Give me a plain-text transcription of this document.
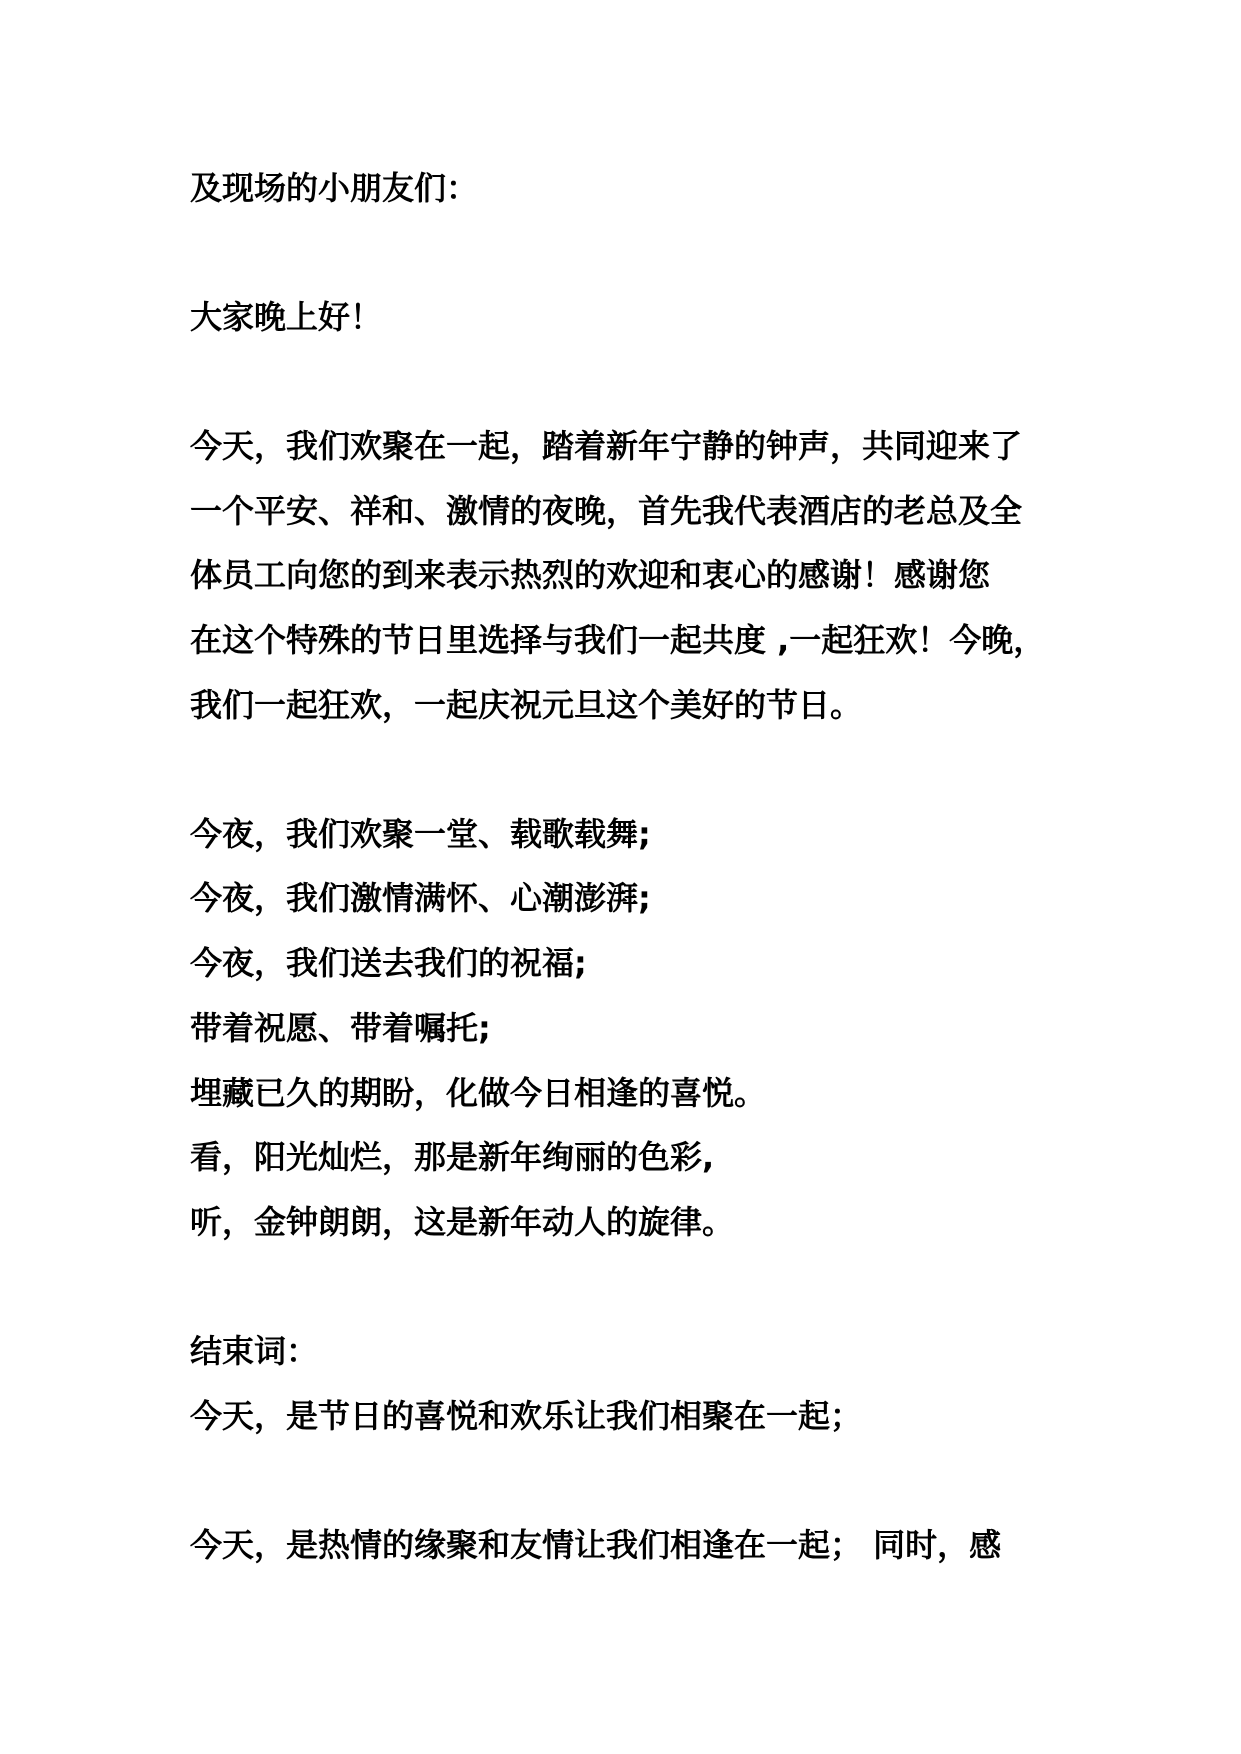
及现场的小朋友们：

大家晚上好！

今天，我们欢聚在一起，踏着新年宁静的钟声，共同迎来了

一个平安、祥和、激情的夜晚，首先我代表酒店的老总及全

体员工向您的到来表示热烈的欢迎和衷心的感谢！感谢您

在这个特殊的节日里选择与我们一起共度 ,一起狂欢！今晚，

我们一起狂欢，一起庆祝元旦这个美好的节日。

今夜，我们欢聚一堂、载歌载舞;

今夜，我们激情满怀、心潮澎湃;

今夜，我们送去我们的祝福;

带着祝愿、带着嘱托;

埋藏已久的期盼，化做今日相逢的喜悦。

看，阳光灿烂，那是新年绚丽的色彩,

听，金钟朗朗，这是新年动人的旋律。

结束词：

今天，是节日的喜悦和欢乐让我们相聚在一起；

今天，是热情的缘聚和友情让我们相逢在一起； 同时，感
